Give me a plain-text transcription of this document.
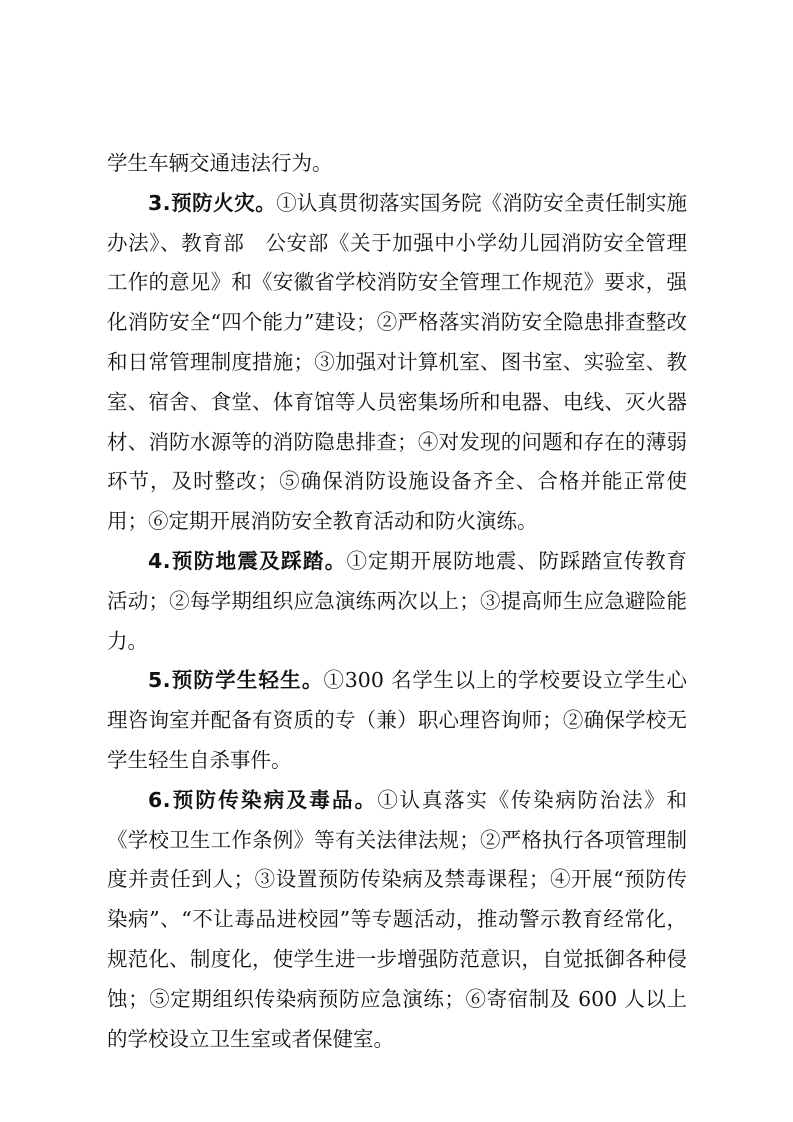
学生车辆交通违法行为。

3.预防火灾。①认真贯彻落实国务院《消防安全责任制实施办法》、教育部　公安部《关于加强中小学幼儿园消防安全管理工作的意见》和《安徽省学校消防安全管理工作规范》要求，强化消防安全“四个能力”建设；②严格落实消防安全隐患排查整改和日常管理制度措施；③加强对计算机室、图书室、实验室、教室、宿舍、食堂、体育馆等人员密集场所和电器、电线、灭火器材、消防水源等的消防隐患排查；④对发现的问题和存在的薄弱环节，及时整改；⑤确保消防设施设备齐全、合格并能正常使用；⑥定期开展消防安全教育活动和防火演练。

4.预防地震及踩踏。①定期开展防地震、防踩踏宣传教育活动；②每学期组织应急演练两次以上；③提高师生应急避险能力。

5.预防学生轻生。①300 名学生以上的学校要设立学生心理咨询室并配备有资质的专（兼）职心理咨询师；②确保学校无学生轻生自杀事件。

6.预防传染病及毒品。①认真落实《传染病防治法》和《学校卫生工作条例》等有关法律法规；②严格执行各项管理制度并责任到人；③设置预防传染病及禁毒课程；④开展“预防传染病”、“不让毒品进校园”等专题活动，推动警示教育经常化，规范化、制度化，使学生进一步增强防范意识，自觉抵御各种侵蚀；⑤定期组织传染病预防应急演练；⑥寄宿制及 600 人以上的学校设立卫生室或者保健室。
